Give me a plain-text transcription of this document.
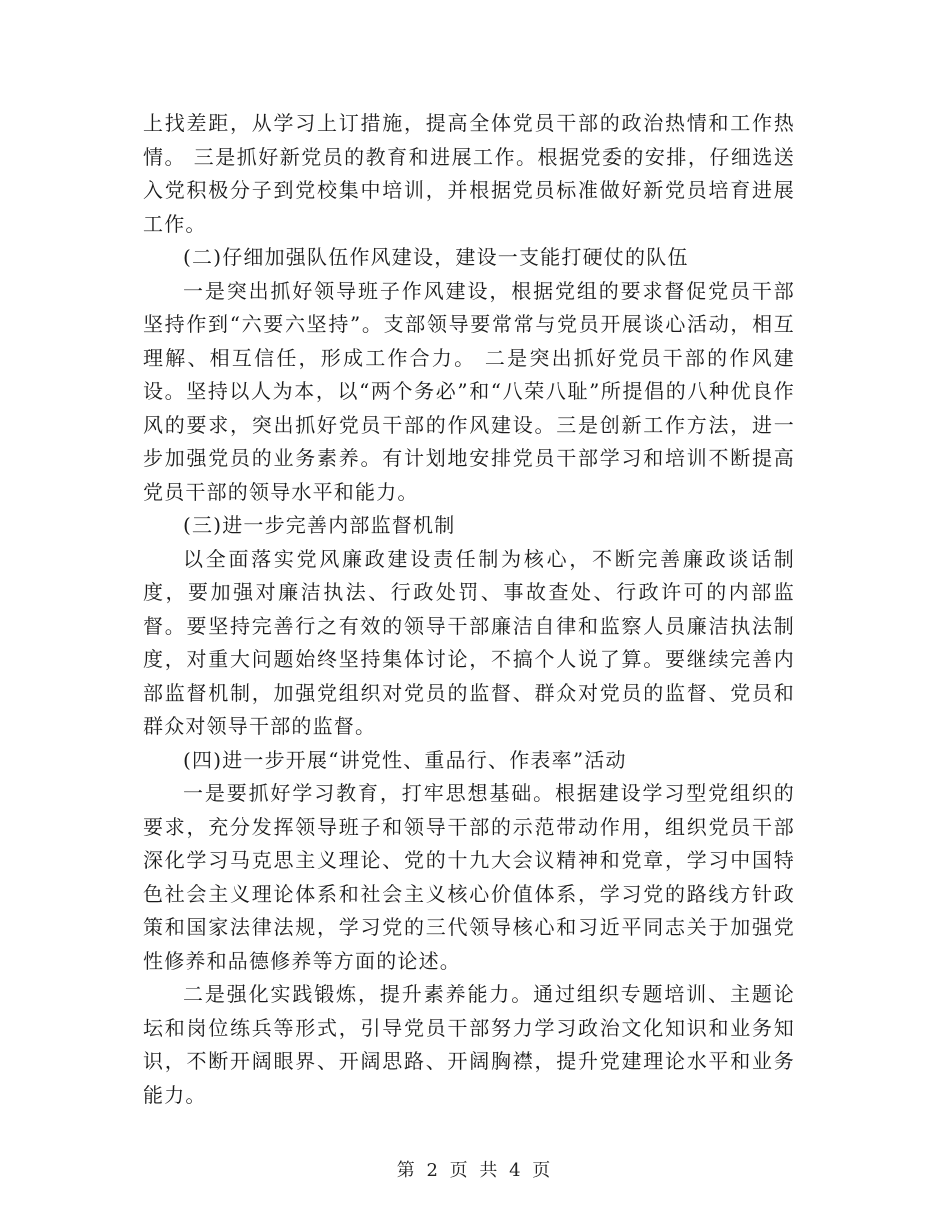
上找差距，从学习上订措施，提高全体党员干部的政治热情和工作热情。 三是抓好新党员的教育和进展工作。根据党委的安排，仔细选送入党积极分子到党校集中培训，并根据党员标准做好新党员培育进展工作。

(二)仔细加强队伍作风建设，建设一支能打硬仗的队伍

一是突出抓好领导班子作风建设，根据党组的要求督促党员干部坚持作到“六要六坚持”。支部领导要常常与党员开展谈心活动，相互理解、相互信任，形成工作合力。 二是突出抓好党员干部的作风建设。坚持以人为本，以“两个务必”和“八荣八耻”所提倡的八种优良作风的要求，突出抓好党员干部的作风建设。三是创新工作方法，进一步加强党员的业务素养。有计划地安排党员干部学习和培训不断提高党员干部的领导水平和能力。

(三)进一步完善内部监督机制

以全面落实党风廉政建设责任制为核心，不断完善廉政谈话制度，要加强对廉洁执法、行政处罚、事故查处、行政许可的内部监督。要坚持完善行之有效的领导干部廉洁自律和监察人员廉洁执法制度，对重大问题始终坚持集体讨论，不搞个人说了算。要继续完善内部监督机制，加强党组织对党员的监督、群众对党员的监督、党员和群众对领导干部的监督。

(四)进一步开展“讲党性、重品行、作表率”活动

一是要抓好学习教育，打牢思想基础。根据建设学习型党组织的要求，充分发挥领导班子和领导干部的示范带动作用，组织党员干部深化学习马克思主义理论、党的十九大会议精神和党章，学习中国特色社会主义理论体系和社会主义核心价值体系，学习党的路线方针政策和国家法律法规，学习党的三代领导核心和习近平同志关于加强党性修养和品德修养等方面的论述。

二是强化实践锻炼，提升素养能力。通过组织专题培训、主题论坛和岗位练兵等形式，引导党员干部努力学习政治文化知识和业务知识，不断开阔眼界、开阔思路、开阔胸襟，提升党建理论水平和业务能力。

第 2 页 共 4 页
